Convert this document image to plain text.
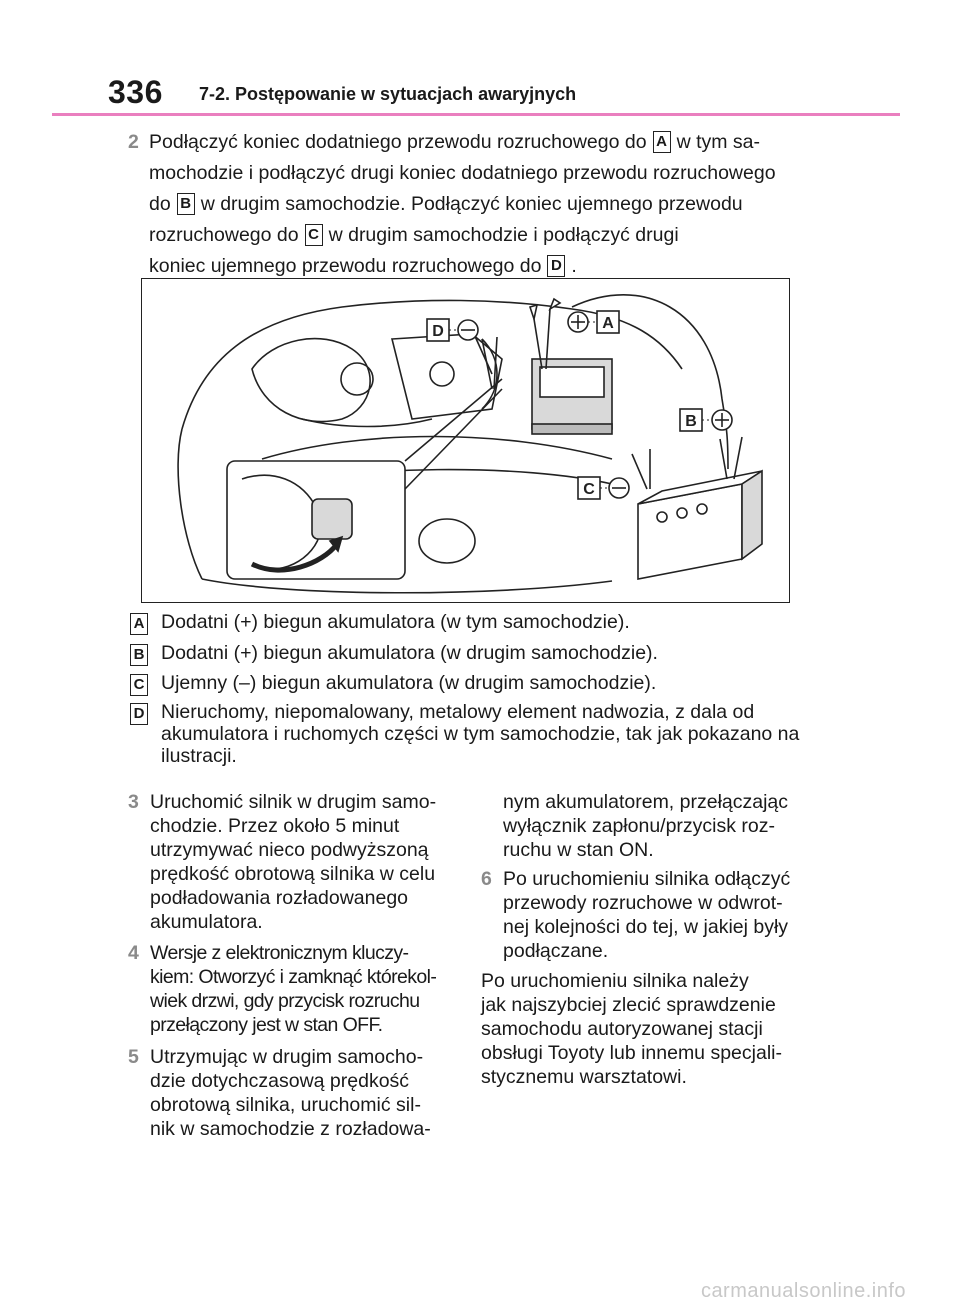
336 7-2. Postępowanie w sytuacjach awaryjnych
2 Podłączyć koniec dodatniego przewodu rozruchowego do A w tym sa-
mochodzie i podłączyć drugi koniec dodatniego przewodu rozruchowego
do B w drugim samochodzie. Podłączyć koniec ujemnego przewodu
rozruchowego do C w drugim samochodzie i podłączyć drugi
koniec ujemnego przewodu rozruchowego do D .
D	A
B
C
A Dodatni (+) biegun akumulatora (w tym samochodzie).
B Dodatni (+) biegun akumulatora (w drugim samochodzie).
C Ujemny (–) biegun akumulatora (w drugim samochodzie).
D Nieruchomy, niepomalowany, metalowy element nadwozia, z dala od akumulatora i ruchomych części w tym samochodzie, tak jak pokazano na ilustracji.
3 Uruchomić silnik w drugim samo-
chodzie. Przez około 5 minut
utrzymywać nieco podwyższoną
prędkość obrotową silnika w celu
podładowania rozładowanego
akumulatora.
4 Wersje z elektronicznym kluczy-
kiem: Otworzyć i zamknąć którekol-
wiek drzwi, gdy przycisk rozruchu
przełączony jest w stan OFF.
5 Utrzymując w drugim samocho-
dzie dotychczasową prędkość
obrotową silnika, uruchomić sil-
nik w samochodzie z rozładowa-
nym akumulatorem, przełączając
wyłącznik zapłonu/przycisk roz-
ruchu w stan ON.
6 Po uruchomieniu silnika odłączyć
przewody rozruchowe w odwrot-
nej kolejności do tej, w jakiej były
podłączane.
Po uruchomieniu silnika należy
jak najszybciej zlecić sprawdzenie
samochodu autoryzowanej stacji
obsługi Toyoty lub innemu specjali-
stycznemu warsztatowi.
carmanualsonline.info
